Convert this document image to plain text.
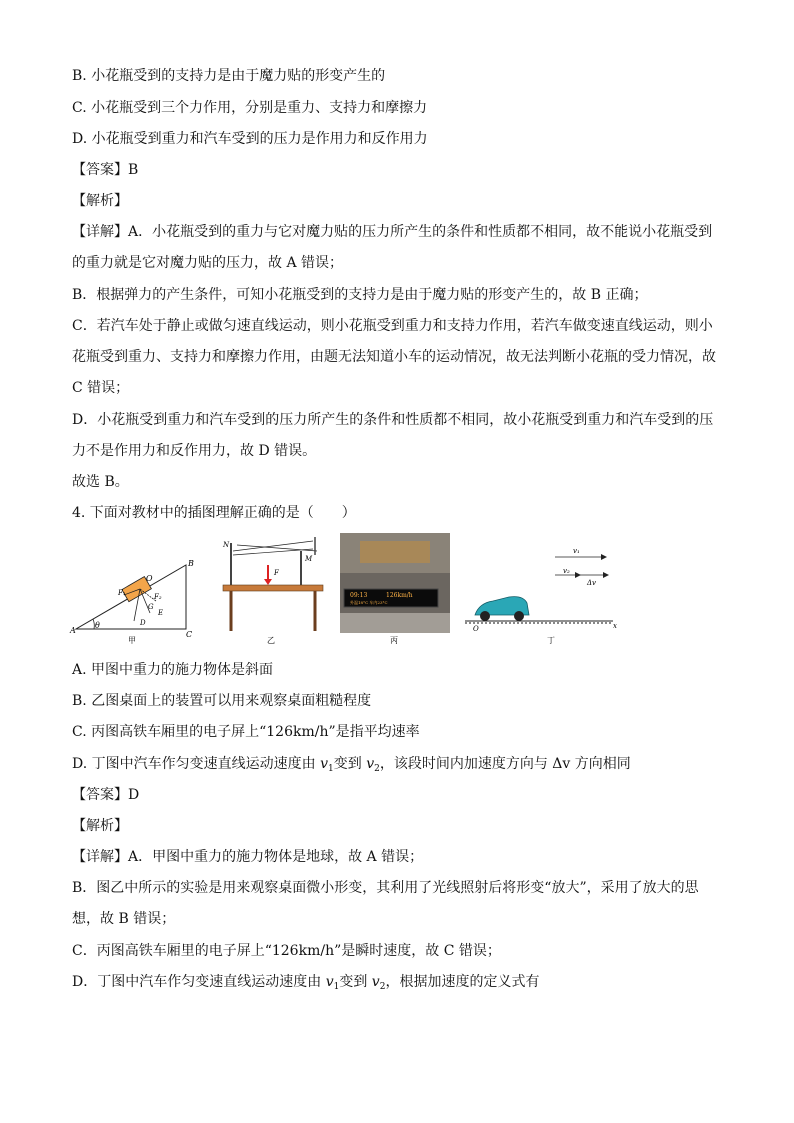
B. 小花瓶受到的支持力是由于魔力贴的形变产生的
C. 小花瓶受到三个力作用，分别是重力、支持力和摩擦力
D. 小花瓶受到重力和汽车受到的压力是作用力和反作用力
【答案】B
【解析】
【详解】A．小花瓶受到的重力与它对魔力贴的压力所产生的条件和性质都不相同，故不能说小花瓶受到
的重力就是它对魔力贴的压力，故 A 错误；
B．根据弹力的产生条件，可知小花瓶受到的支持力是由于魔力贴的形变产生的，故 B 正确；
C．若汽车处于静止或做匀速直线运动，则小花瓶受到重力和支持力作用，若汽车做变速直线运动，则小
花瓶受到重力、支持力和摩擦力作用，由题无法知道小车的运动情况，故无法判断小花瓶的受力情况，故
C 错误；
D．小花瓶受到重力和汽车受到的压力所产生的条件和性质都不相同，故小花瓶受到重力和汽车受到的压
力不是作用力和反作用力，故 D 错误。
故选 B。
4. 下面对教材中的插图理解正确的是（　　）
B
A	C
θ
O
F₁	F₂
G
D
E
甲
N
M
F
乙
09:13	126km/h
外温18°C 车内23°C
丙
v₁
v₂
Δv
O	x
丁
A. 甲图中重力的施力物体是斜面
B. 乙图桌面上的装置可以用来观察桌面粗糙程度
C. 丙图高铁车厢里的电子屏上“126km/h”是指平均速率
D. 丁图中汽车作匀变速直线运动速度由 $v_1$变到 $v_2$，该段时间内加速度方向与 Δv 方向相同
【答案】D
【解析】
【详解】A．甲图中重力的施力物体是地球，故 A 错误；
B．图乙中所示的实验是用来观察桌面微小形变，其利用了光线照射后将形变“放大”，采用了放大的思
想，故 B 错误；
C．丙图高铁车厢里的电子屏上“126km/h”是瞬时速度，故 C 错误；
D．丁图中汽车作匀变速直线运动速度由 $v_1$变到 $v_2$，根据加速度的定义式有
